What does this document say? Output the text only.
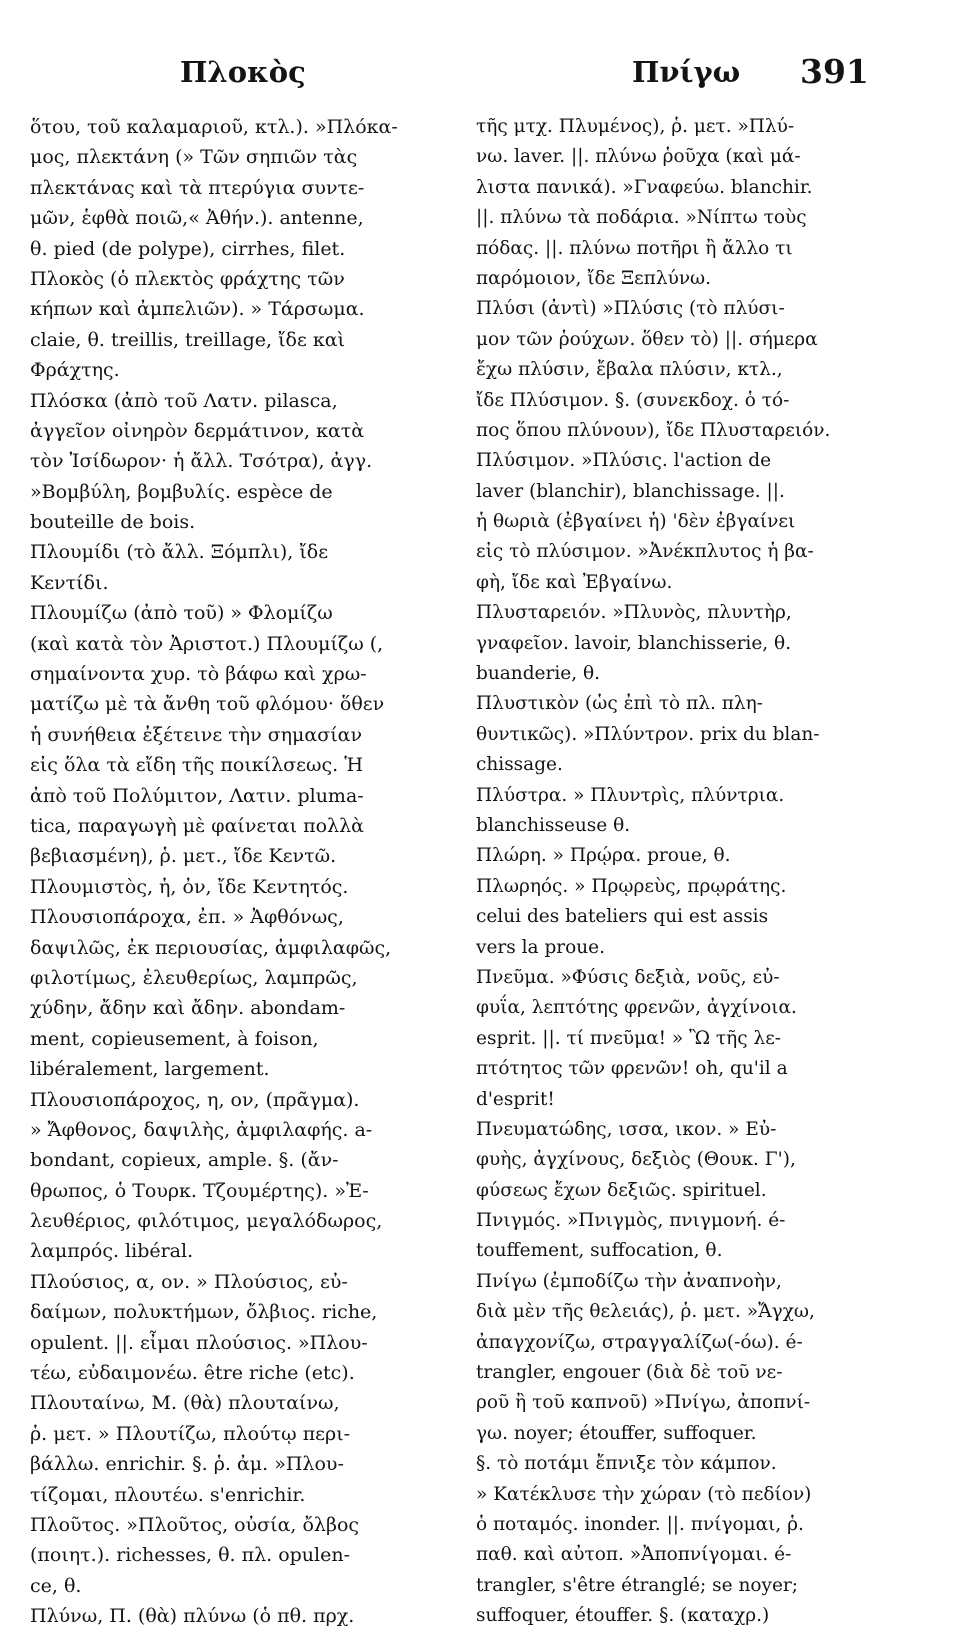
Πλοκὸς	Πνίγω 391
ὅτου, τοῦ καλαμαριοῦ, κτλ.). »Πλόκα-
μος, πλεκτάνη (» Τῶν σηπιῶν τὰς
πλεκτάνας καὶ τὰ πτερύγια συντε-
μῶν, ἑφθὰ ποιῶ,« Ἀθήν.). antenne,
θ. pied (de polype), cirrhes, filet.
Πλοκὸς (ὁ πλεκτὸς φράχτης τῶν
κήπων καὶ ἀμπελιῶν). » Τάρσωμα.
claie, θ. treillis, treillage, ἴδε καὶ
Φράχτης.
Πλόσκα (ἀπὸ τοῦ Λατν. pilasca,
ἀγγεῖον οἰνηρὸν δερμάτινον, κατὰ
τὸν Ἰσίδωρον· ἡ ἄλλ. Τσότρα), ἀγγ.
»Βομβύλη, βομβυλίς. espèce de
bouteille de bois.
Πλουμίδι (τὸ ἄλλ. Ξόμπλι), ἴδε
Κεντίδι.
Πλουμίζω (ἀπὸ τοῦ) » Φλομίζω
(καὶ κατὰ τὸν Ἀριστοτ.) Πλουμίζω (,
σημαίνοντα χυρ. τὸ βάφω καὶ χρω-
ματίζω μὲ τὰ ἄνθη τοῦ φλόμου· ὅθεν
ἡ συνήθεια ἐξέτεινε τὴν σημασίαν
εἰς ὅλα τὰ εἴδη τῆς ποικίλσεως. Ἡ
ἀπὸ τοῦ Πολύμιτον, Λατιν. pluma-
tica, παραγωγὴ μὲ φαίνεται πολλὰ
βεβιασμένη), ῥ. μετ., ἴδε Κεντῶ.
Πλουμιστὸς, ἡ, ὀν, ἴδε Κεντητός.
Πλουσιοπάροχα, ἐπ. » Ἀφθόνως,
δαψιλῶς, ἐκ περιουσίας, ἀμφιλαφῶς,
φιλοτίμως, ἐλευθερίως, λαμπρῶς,
χύδην, ἄδην καὶ ἄδην. abondam-
ment, copieusement, à foison,
libéralement, largement.
Πλουσιοπάροχος, η, ον, (πρᾶγμα).
» Ἄφθονος, δαψιλὴς, ἀμφιλαφής. a-
bondant, copieux, ample. §. (ἄν-
θρωπος, ὁ Τουρκ. Τζουμέρτης). »Ἐ-
λευθέριος, φιλότιμος, μεγαλόδωρος,
λαμπρός. libéral.
Πλούσιος, α, ον. » Πλούσιος, εὐ-
δαίμων, πολυκτήμων, ὄλβιος. riche,
opulent. ||. εἶμαι πλούσιος. »Πλου-
τέω, εὐδαιμονέω. être riche (etc).
Πλουταίνω, Μ. (θὰ) πλουταίνω,
ῥ. μετ. » Πλουτίζω, πλούτῳ περι-
βάλλω. enrichir. §. ῥ. ἀμ. »Πλου-
τίζομαι, πλουτέω. s'enrichir.
Πλοῦτος. »Πλοῦτος, οὐσία, ὄλβος
(ποιητ.). richesses, θ. πλ. opulen-
ce, θ.
Πλύνω, Π. (θὰ) πλύνω (ὁ πθ. πρχ.
τῆς μτχ. Πλυμένος), ῥ. μετ. »Πλύ-
νω. laver. ||. πλύνω ῥοῦχα (καὶ μά-
λιστα πανικά). »Γναφεύω. blanchir.
||. πλύνω τὰ ποδάρια. »Νίπτω τοὺς
πόδας. ||. πλύνω ποτῆρι ἢ ἄλλο τι
παρόμοιον, ἴδε Ξεπλύνω.
Πλύσι (ἀντὶ) »Πλύσις (τὸ πλύσι-
μον τῶν ῥούχων. ὅθεν τὸ) ||. σήμερα
ἔχω πλύσιν, ἔβαλα πλύσιν, κτλ.,
ἴδε Πλύσιμον. §. (συνεκδοχ. ὁ τό-
πος ὅπου πλύνουν), ἴδε Πλυσταρειόν.
Πλύσιμον. »Πλύσις. l'action de
laver (blanchir), blanchissage. ||.
ἡ θωριὰ (ἐβγαίνει ἡ) 'δὲν ἐβγαίνει
εἰς τὸ πλύσιμον. »Ἀνέκπλυτος ἡ βα-
φὴ, ἴδε καὶ Ἐβγαίνω.
Πλυσταρειόν. »Πλυνὸς, πλυντὴρ,
γναφεῖον. lavoir, blanchisserie, θ.
buanderie, θ.
Πλυστικὸν (ὡς ἐπὶ τὸ πλ. πλη-
θυντικῶς). »Πλύντρον. prix du blan-
chissage.
Πλύστρα. » Πλυντρὶς, πλύντρια.
blanchisseuse θ.
Πλώρη. » Πρῴρα. proue, θ.
Πλωρηός. » Πρῳρεὺς, πρῳράτης.
celui des bateliers qui est assis
vers la proue.
Πνεῦμα. »Φύσις δεξιὰ, νοῦς, εὐ-
φυΐα, λεπτότης φρενῶν, ἀγχίνοια.
esprit. ||. τί πνεῦμα! » Ὢ τῆς λε-
πτότητος τῶν φρενῶν! oh, qu'il a
d'esprit!
Πνευματώδης, ισσα, ικον. » Εὐ-
φυὴς, ἀγχίνους, δεξιὸς (Θουκ. Γ'),
φύσεως ἔχων δεξιῶς. spirituel.
Πνιγμός. »Πνιγμὸς, πνιγμονή. é-
touffement, suffocation, θ.
Πνίγω (ἐμποδίζω τὴν ἀναπνοὴν,
διὰ μὲν τῆς θελειάς), ῥ. μετ. »Ἄγχω,
ἀπαγχονίζω, στραγγαλίζω(-όω). é-
trangler, engouer (διὰ δὲ τοῦ νε-
ροῦ ἢ τοῦ καπνοῦ) »Πνίγω, ἀποπνί-
γω. noyer; étouffer, suffoquer.
§. τὸ ποτάμι ἔπνιξε τὸν κάμπον.
» Κατέκλυσε τὴν χώραν (τὸ πεδίον)
ὁ ποταμός. inonder. ||. πνίγομαι, ῥ.
παθ. καὶ αὐτοπ. »Ἀποπνίγομαι. é-
trangler, s'être étranglé; se noyer;
suffoquer, étouffer. §. (καταχρ.)
